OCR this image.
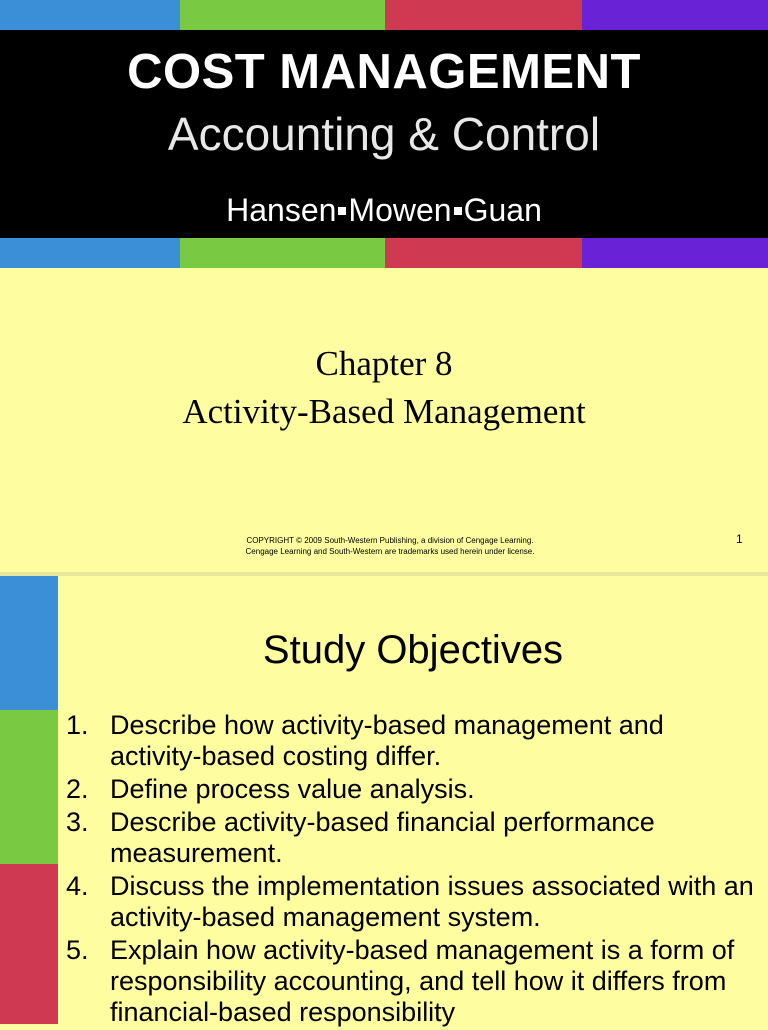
COST MANAGEMENT
Accounting & Control
Hansen Mowen Guan
Chapter 8
Activity-Based Management
COPYRIGHT © 2009 South-Western Publishing, a division of Cengage Learning.
Cengage Learning and South-Western are trademarks used herein under license.
1
Study Objectives
1. Describe how activity-based management and activity-based costing differ.
2. Define process value analysis.
3. Describe activity-based financial performance measurement.
4. Discuss the implementation issues associated with an activity-based management system.
5. Explain how activity-based management is a form of responsibility accounting, and tell how it differs from financial-based responsibility
